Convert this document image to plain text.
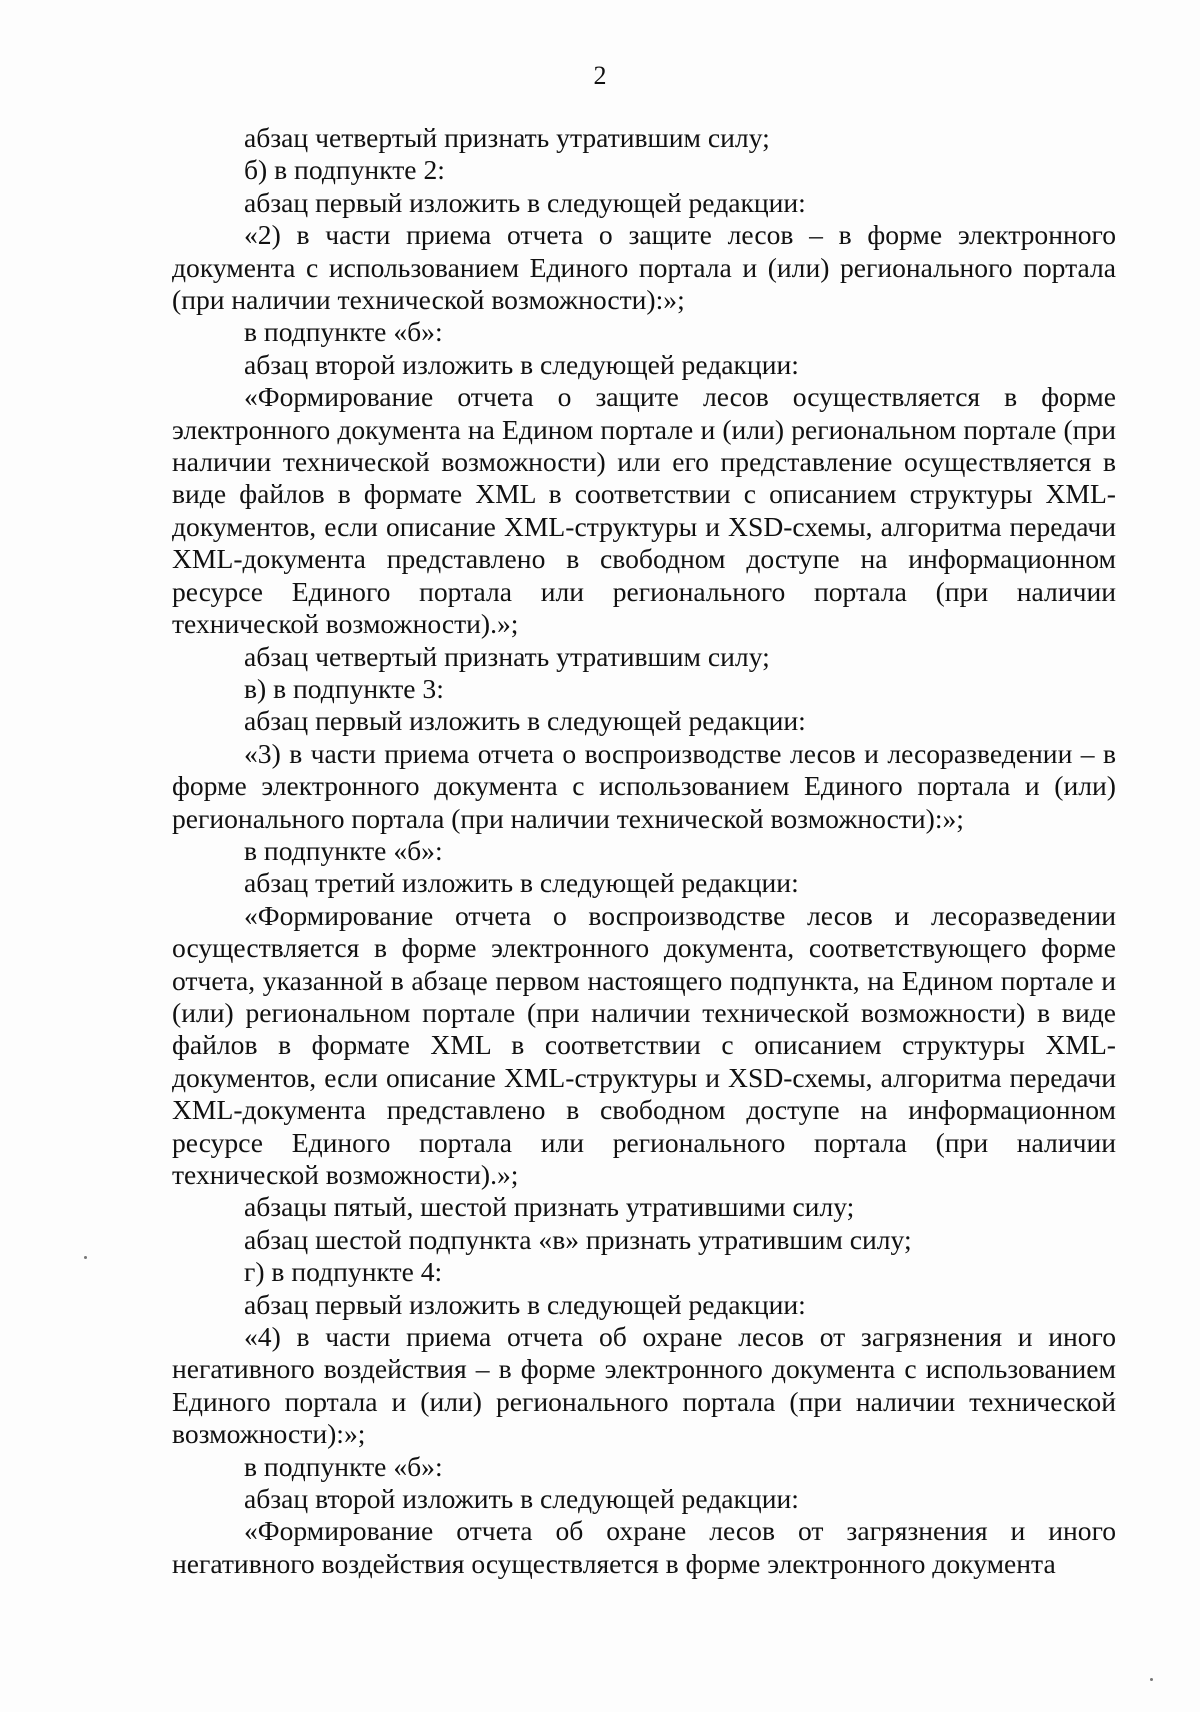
2

абзац четвертый признать утратившим силу;

б) в подпункте 2:

абзац первый изложить в следующей редакции:

«2) в части приема отчета о защите лесов – в форме электронного документа с использованием Единого портала и (или) регионального портала (при наличии технической возможности):»;

в подпункте «б»:

абзац второй изложить в следующей редакции:

«Формирование отчета о защите лесов осуществляется в форме электронного документа на Едином портале и (или) региональном портале (при наличии технической возможности) или его представление осуществляется в виде файлов в формате XML в соответствии с описанием структуры XML-документов, если описание XML-структуры и XSD-схемы, алгоритма передачи XML-документа представлено в свободном доступе на информационном ресурсе Единого портала или регионального портала (при наличии технической возможности).»;

абзац четвертый признать утратившим силу;

в) в подпункте 3:

абзац первый изложить в следующей редакции:

«3) в части приема отчета о воспроизводстве лесов и лесоразведении – в форме электронного документа с использованием Единого портала и (или) регионального портала (при наличии технической возможности):»;

в подпункте «б»:

абзац третий изложить в следующей редакции:

«Формирование отчета о воспроизводстве лесов и лесоразведении осуществляется в форме электронного документа, соответствующего форме отчета, указанной в абзаце первом настоящего подпункта, на Едином портале и (или) региональном портале (при наличии технической возможности) в виде файлов в формате XML в соответствии с описанием структуры XML-документов, если описание XML-структуры и XSD-схемы, алгоритма передачи XML-документа представлено в свободном доступе на информационном ресурсе Единого портала или регионального портала (при наличии технической возможности).»;

абзацы пятый, шестой признать утратившими силу;

абзац шестой подпункта «в» признать утратившим силу;

г) в подпункте 4:

абзац первый изложить в следующей редакции:

«4) в части приема отчета об охране лесов от загрязнения и иного негативного воздействия – в форме электронного документа с использованием Единого портала и (или) регионального портала (при наличии технической возможности):»;

в подпункте «б»:

абзац второй изложить в следующей редакции:

«Формирование отчета об охране лесов от загрязнения и иного негативного воздействия осуществляется в форме электронного документа
